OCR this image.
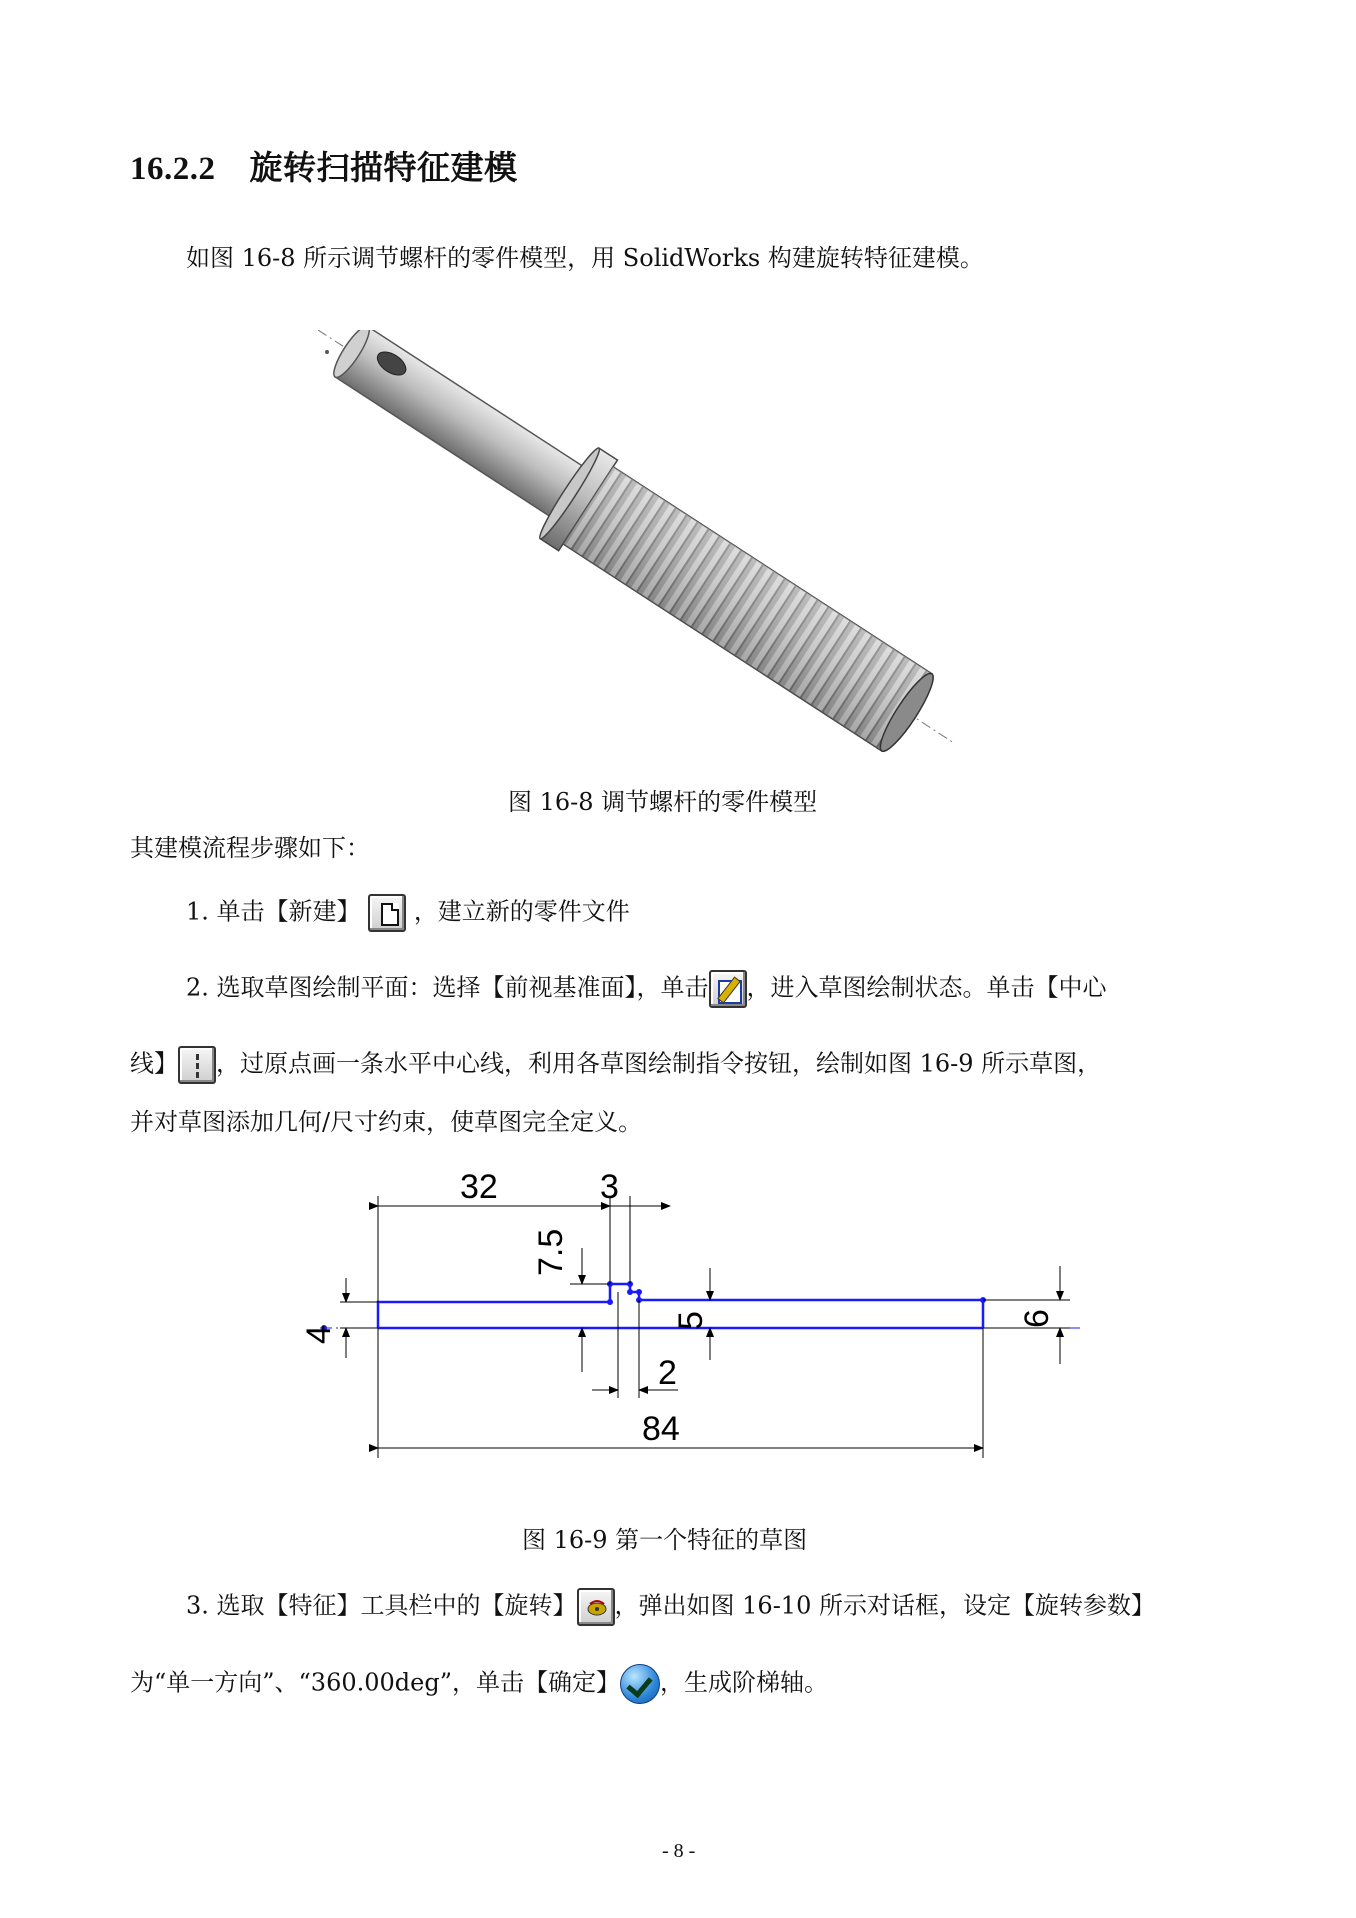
16.2.2 旋转扫描特征建模
如图 16-8 所示调节螺杆的零件模型，用 SolidWorks 构建旋转特征建模。
图 16-8 调节螺杆的零件模型
其建模流程步骤如下：
1. 单击【新建】 ，建立新的零件文件
2. 选取草图绘制平面：选择【前视基准面】，单击 ，进入草图绘制状态。单击【中心
线】 ，过原点画一条水平中心线，利用各草图绘制指令按钮，绘制如图 16-9 所示草图，
并对草图添加几何/尺寸约束，使草图完全定义。
32	3
7.5
4
5	6
2
84
图 16-9 第一个特征的草图
3. 选取【特征】工具栏中的【旋转】 ，弹出如图 16-10 所示对话框，设定【旋转参数】
为“单一方向”、“360.00deg”，单击【确定】 ，生成阶梯轴。
- 8 -
